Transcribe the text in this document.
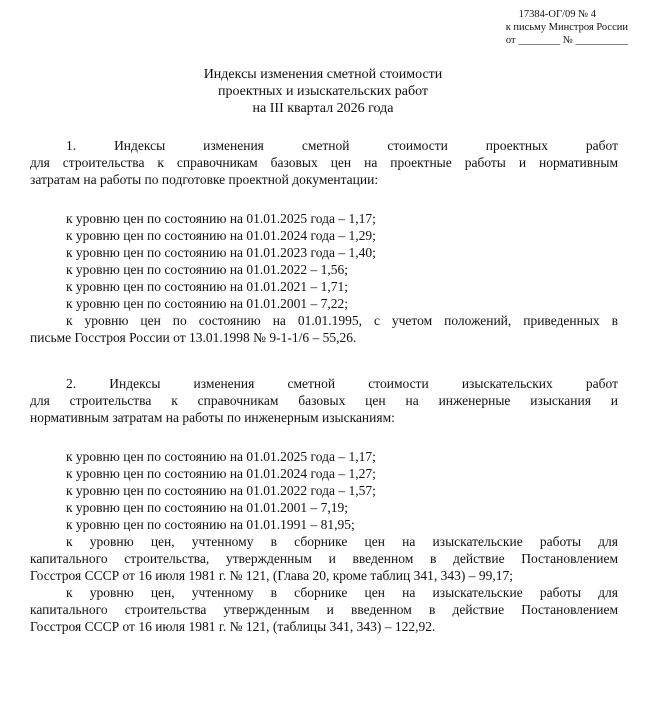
17384-ОГ/09 № 4
к письму Минстроя России
от ________ № __________
Индексы изменения сметной стоимости
проектных и изыскательских работ
на III квартал 2026 года
1. Индексы изменения сметной стоимости проектных работ
для строительства к справочникам базовых цен на проектные работы и нормативным
затратам на работы по подготовке проектной документации:
к уровню цен по состоянию на 01.01.2025 года – 1,17;
к уровню цен по состоянию на 01.01.2024 года – 1,29;
к уровню цен по состоянию на 01.01.2023 года – 1,40;
к уровню цен по состоянию на 01.01.2022 – 1,56;
к уровню цен по состоянию на 01.01.2021 – 1,71;
к уровню цен по состоянию на 01.01.2001 – 7,22;
к уровню цен по состоянию на 01.01.1995, с учетом положений, приведенных в
письме Госстроя России от 13.01.1998 № 9-1-1/6 – 55,26.
2. Индексы изменения сметной стоимости изыскательских работ
для строительства к справочникам базовых цен на инженерные изыскания и
нормативным затратам на работы по инженерным изысканиям:
к уровню цен по состоянию на 01.01.2025 года – 1,17;
к уровню цен по состоянию на 01.01.2024 года – 1,27;
к уровню цен по состоянию на 01.01.2022 года – 1,57;
к уровню цен по состоянию на 01.01.2001 – 7,19;
к уровню цен по состоянию на 01.01.1991 – 81,95;
к уровню цен, учтенному в сборнике цен на изыскательские работы для
капитального строительства, утвержденным и введенном в действие Постановлением
Госстроя СССР от 16 июля 1981 г. № 121, (Глава 20, кроме таблиц 341, 343) – 99,17;
к уровню цен, учтенному в сборнике цен на изыскательские работы для
капитального строительства утвержденным и введенном в действие Постановлением
Госстроя СССР от 16 июля 1981 г. № 121, (таблицы 341, 343) – 122,92.
